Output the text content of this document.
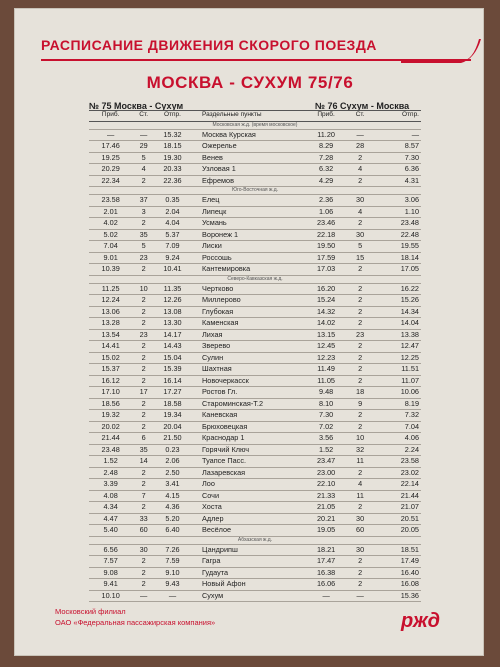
РАСПИСАНИЕ ДВИЖЕНИЯ СКОРОГО ПОЕЗДА
МОСКВА - СУХУМ 75/76
№ 75 Москва - Сухум	№ 76 Сухум - Москва
Приб.	Ст.	Отпр.	Раздельные пункты	Приб.	Ст.	Отпр.
Московская ж.д. (время московское)						
—	—	15.32	Москва Курская	11.20	—	—
17.46	29	18.15	Ожерелье	8.29	28	8.57
19.25	5	19.30	Венев	7.28	2	7.30
20.29	4	20.33	Узловая 1	6.32	4	6.36
22.34	2	22.36	Ефремов	4.29	2	4.31
Юго-Восточная ж.д.						
23.58	37	0.35	Елец	2.36	30	3.06
2.01	3	2.04	Липецк	1.06	4	1.10
4.02	2	4.04	Усмань	23.46	2	23.48
5.02	35	5.37	Воронеж 1	22.18	30	22.48
7.04	5	7.09	Лиски	19.50	5	19.55
9.01	23	9.24	Россошь	17.59	15	18.14
10.39	2	10.41	Кантемировка	17.03	2	17.05
Северо-Кавказская ж.д.						
11.25	10	11.35	Чертково	16.20	2	16.22
12.24	2	12.26	Миллерово	15.24	2	15.26
13.06	2	13.08	Глубокая	14.32	2	14.34
13.28	2	13.30	Каменская	14.02	2	14.04
13.54	23	14.17	Лихая	13.15	23	13.38
14.41	2	14.43	Зверево	12.45	2	12.47
15.02	2	15.04	Сулин	12.23	2	12.25
15.37	2	15.39	Шахтная	11.49	2	11.51
16.12	2	16.14	Новочеркасск	11.05	2	11.07
17.10	17	17.27	Ростов Гл.	9.48	18	10.06
18.56	2	18.58	Староминская-Т.2	8.10	9	8.19
19.32	2	19.34	Каневская	7.30	2	7.32
20.02	2	20.04	Брюховецкая	7.02	2	7.04
21.44	6	21.50	Краснодар 1	3.56	10	4.06
23.48	35	0.23	Горячий Ключ	1.52	32	2.24
1.52	14	2.06	Туапсе Пасс.	23.47	11	23.58
2.48	2	2.50	Лазаревская	23.00	2	23.02
3.39	2	3.41	Лоо	22.10	4	22.14
4.08	7	4.15	Сочи	21.33	11	21.44
4.34	2	4.36	Хоста	21.05	2	21.07
4.47	33	5.20	Адлер	20.21	30	20.51
5.40	60	6.40	Весёлое	19.05	60	20.05
Абхазская ж.д.						
6.56	30	7.26	Цандрипш	18.21	30	18.51
7.57	2	7.59	Гагра	17.47	2	17.49
9.08	2	9.10	Гудаута	16.38	2	16.40
9.41	2	9.43	Новый Афон	16.06	2	16.08
10.10	—	—	Сухум	—	—	15.36
Московский филиал
ОАО «Федеральная пассажирская компания»	ржд
